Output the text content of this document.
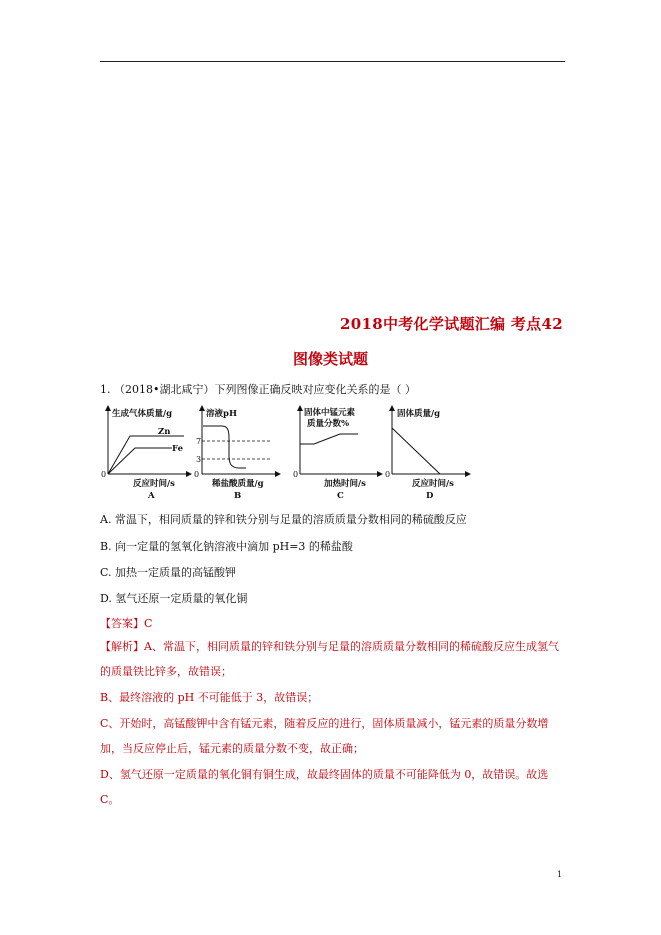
2018中考化学试题汇编 考点42
图像类试题
1. （2018•湖北咸宁）下列图像正确反映对应变化关系的是（ ）
生成气体质量/g
0
Zn
Fe
反应时间/s
A
溶液pH
0
7
3
稀盐酸质量/g
B
固体中锰元素
质量分数%
0
加热时间/s
C
固体质量/g
0
反应时间/s
D
A. 常温下，相同质量的锌和铁分别与足量的溶质质量分数相同的稀硫酸反应
B. 向一定量的氢氧化钠溶液中滴加 pH=3 的稀盐酸
C. 加热一定质量的高锰酸钾
D. 氢气还原一定质量的氧化铜
【答案】C

【解析】A、常温下，相同质量的锌和铁分别与足量的溶质质量分数相同的稀硫酸反应生成氢气的质量铁比锌多，故错误；

B、最终溶液的 pH 不可能低于 3，故错误；

C、开始时，高锰酸钾中含有锰元素，随着反应的进行，固体质量减小，锰元素的质量分数增加，当反应停止后，锰元素的质量分数不变，故正确；

D、氢气还原一定质量的氧化铜有铜生成，故最终固体的质量不可能降低为 0，故错误。故选 C。

1
